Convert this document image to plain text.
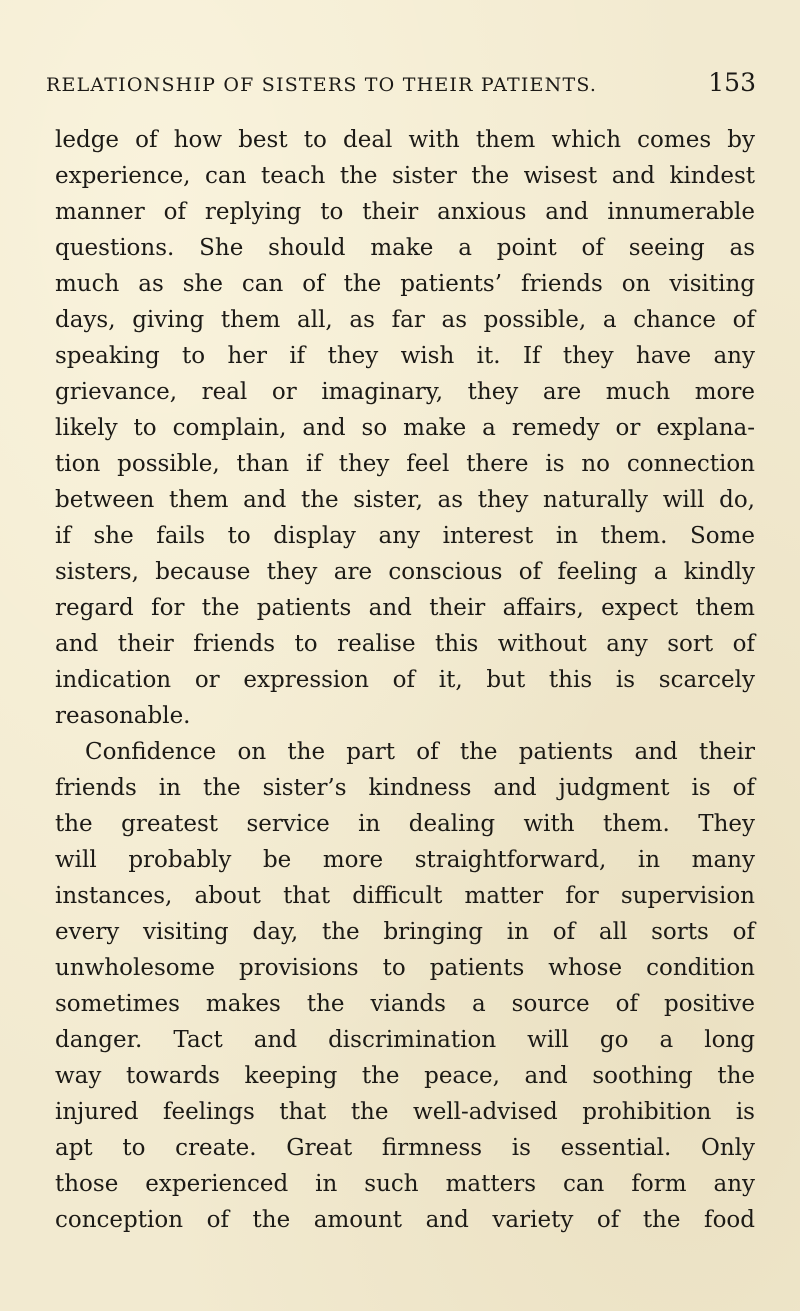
RELATIONSHIP OF SISTERS TO THEIR PATIENTS.	153
ledge of how best to deal with them which comes by
experience, can teach the sister the wisest and kindest
manner of replying to their anxious and innumerable
questions. She should make a point of seeing as
much as she can of the patients’ friends on visiting
days, giving them all, as far as possible, a chance of
speaking to her if they wish it. If they have any
grievance, real or imaginary, they are much more
likely to complain, and so make a remedy or explana-
tion possible, than if they feel there is no connection
between them and the sister, as they naturally will do,
if she fails to display any interest in them. Some
sisters, because they are conscious of feeling a kindly
regard for the patients and their affairs, expect them
and their friends to realise this without any sort of
indication or expression of it, but this is scarcely
reasonable.
Confidence on the part of the patients and their
friends in the sister’s kindness and judgment is of
the greatest service in dealing with them. They
will probably be more straightforward, in many
instances, about that difficult matter for supervision
every visiting day, the bringing in of all sorts of
unwholesome provisions to patients whose condition
sometimes makes the viands a source of positive
danger. Tact and discrimination will go a long
way towards keeping the peace, and soothing the
injured feelings that the well-advised prohibition is
apt to create. Great firmness is essential. Only
those experienced in such matters can form any
conception of the amount and variety of the food
